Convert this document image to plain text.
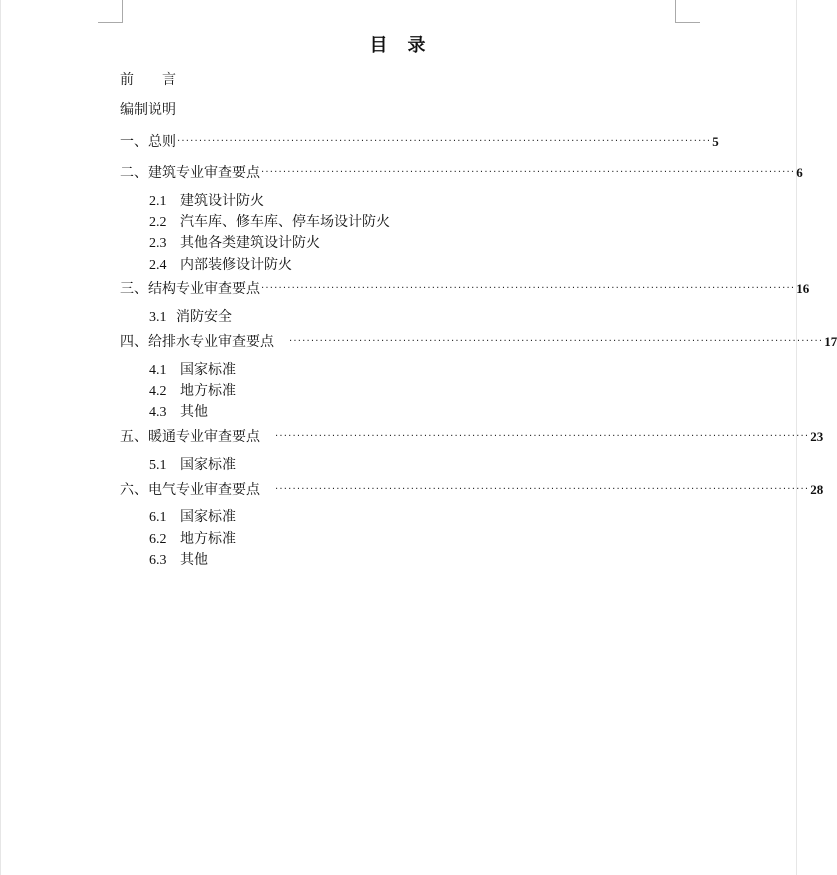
目 录
前 言
编制说明
一、总则 ·························································································································· 5
二、建筑专业审查要点 ·························································································································· 6
2.1 建筑设计防火
2.2 汽车库、修车库、停车场设计防火
2.3 其他各类建筑设计防火
2.4 内部装修设计防火
三、结构专业审查要点 ·························································································································· 16
3.1 消防安全
四、给排水专业审查要点 ·························································································································· 17
4.1 国家标准
4.2 地方标准
4.3 其他
五、暖通专业审查要点 ·························································································································· 23
5.1 国家标准
六、电气专业审查要点 ·························································································································· 28
6.1 国家标准
6.2 地方标准
6.3 其他
